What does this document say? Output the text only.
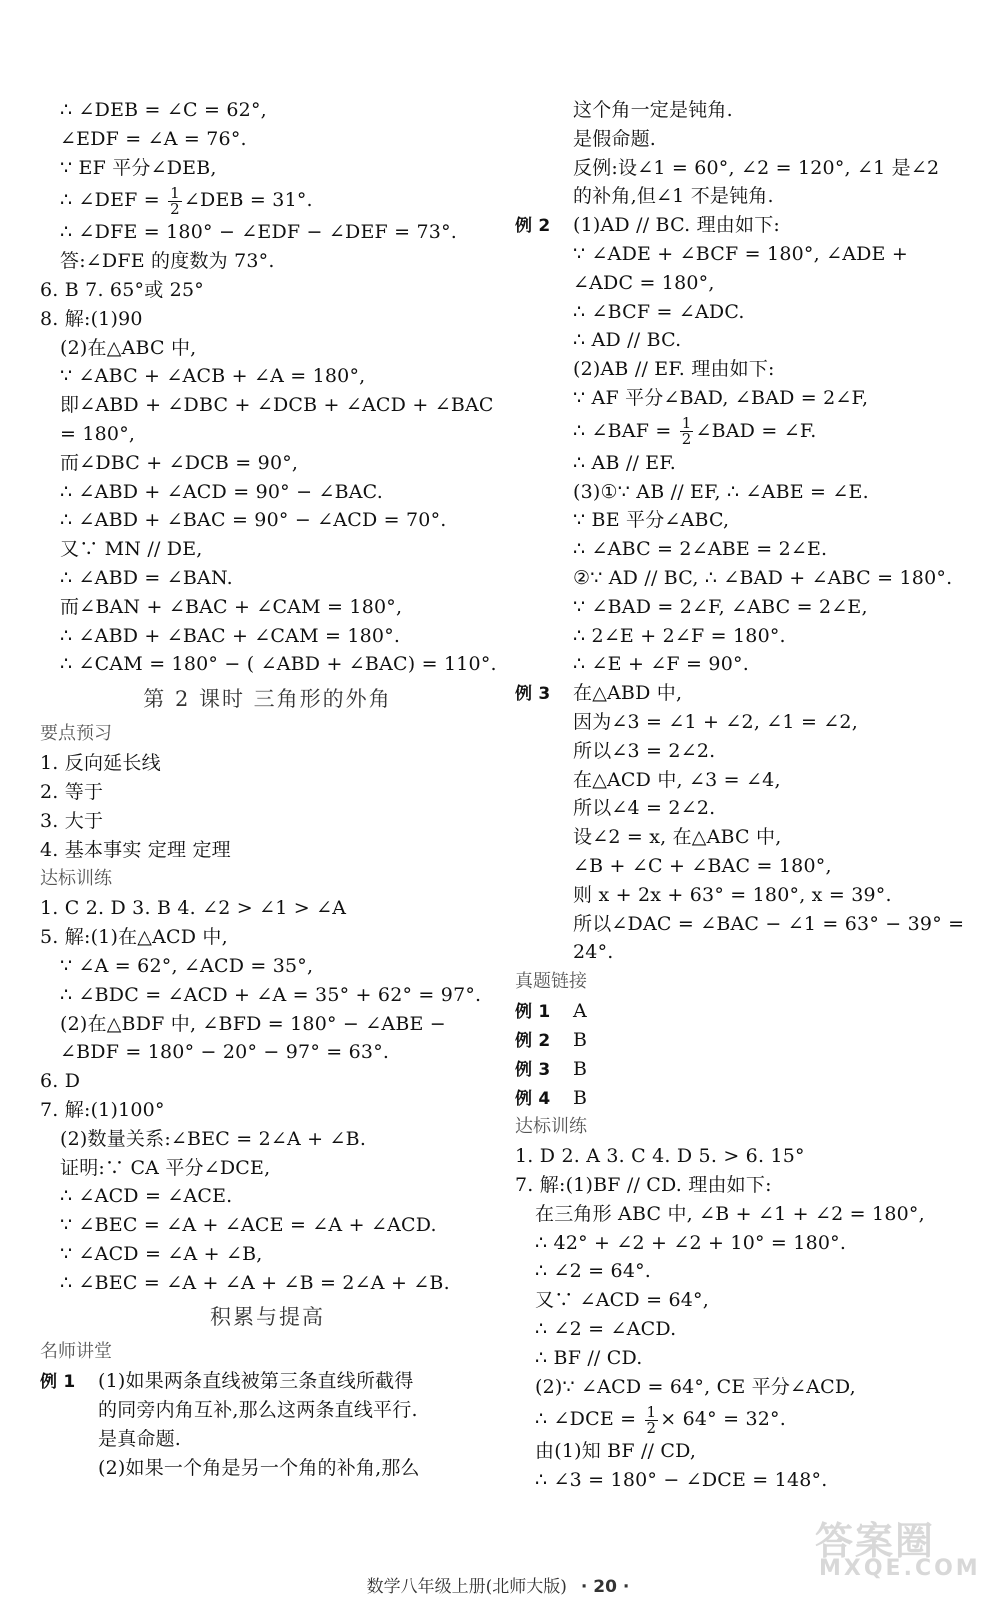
∴ ∠DEB = ∠C = 62°,
∠EDF = ∠A = 76°.
∵ EF 平分∠DEB,
∴ ∠DEF = $\frac{1}{2}$ ∠DEB = 31°.
∴ ∠DFE = 180° − ∠EDF − ∠DEF = 73°.
答:∠DFE 的度数为 73°.
6. B 7. 65°或 25°
8. 解:(1)90
(2)在△ABC 中,
∵ ∠ABC + ∠ACB + ∠A = 180°,
即∠ABD + ∠DBC + ∠DCB + ∠ACD + ∠BAC
= 180°,
而∠DBC + ∠DCB = 90°,
∴ ∠ABD + ∠ACD = 90° − ∠BAC.
∴ ∠ABD + ∠BAC = 90° − ∠ACD = 70°.
又∵ MN // DE,
∴ ∠ABD = ∠BAN.
而∠BAN + ∠BAC + ∠CAM = 180°,
∴ ∠ABD + ∠BAC + ∠CAM = 180°.
∴ ∠CAM = 180° − ( ∠ABD + ∠BAC) = 110°.
第 2 课时 三角形的外角
要点预习
1. 反向延长线
2. 等于
3. 大于
4. 基本事实 定理 定理
达标训练
1. C 2. D 3. B 4. ∠2 > ∠1 > ∠A
5. 解:(1)在△ACD 中,
∵ ∠A = 62°, ∠ACD = 35°,
∴ ∠BDC = ∠ACD + ∠A = 35° + 62° = 97°.
(2)在△BDF 中, ∠BFD = 180° − ∠ABE −
∠BDF = 180° − 20° − 97° = 63°.
6. D
7. 解:(1)100°
(2)数量关系:∠BEC = 2∠A + ∠B.
证明:∵ CA 平分∠DCE,
∴ ∠ACD = ∠ACE.
∵ ∠BEC = ∠A + ∠ACE = ∠A + ∠ACD.
∵ ∠ACD = ∠A + ∠B,
∴ ∠BEC = ∠A + ∠A + ∠B = 2∠A + ∠B.
积累与提高
名师讲堂
例 1 (1)如果两条直线被第三条直线所截得
的同旁内角互补,那么这两条直线平行.
是真命题.
(2)如果一个角是另一个角的补角,那么
这个角一定是钝角.
是假命题.
反例:设∠1 = 60°, ∠2 = 120°, ∠1 是∠2
的补角,但∠1 不是钝角.
例 2 (1)AD // BC. 理由如下:
∵ ∠ADE + ∠BCF = 180°, ∠ADE +
∠ADC = 180°,
∴ ∠BCF = ∠ADC.
∴ AD // BC.
(2)AB // EF. 理由如下:
∵ AF 平分∠BAD, ∠BAD = 2∠F,
∴ ∠BAF = $\frac{1}{2}$ ∠BAD = ∠F.
∴ AB // EF.
(3)①∵ AB // EF, ∴ ∠ABE = ∠E.
∵ BE 平分∠ABC,
∴ ∠ABC = 2∠ABE = 2∠E.
②∵ AD // BC, ∴ ∠BAD + ∠ABC = 180°.
∵ ∠BAD = 2∠F, ∠ABC = 2∠E,
∴ 2∠E + 2∠F = 180°.
∴ ∠E + ∠F = 90°.
例 3 在△ABD 中,
因为∠3 = ∠1 + ∠2, ∠1 = ∠2,
所以∠3 = 2∠2.
在△ACD 中, ∠3 = ∠4,
所以∠4 = 2∠2.
设∠2 = x, 在△ABC 中,
∠B + ∠C + ∠BAC = 180°,
则 x + 2x + 63° = 180°, x = 39°.
所以∠DAC = ∠BAC − ∠1 = 63° − 39° =
24°.
真题链接
例 1 A
例 2 B
例 3 B
例 4 B
达标训练
1. D 2. A 3. C 4. D 5. > 6. 15°
7. 解:(1)BF // CD. 理由如下:
在三角形 ABC 中, ∠B + ∠1 + ∠2 = 180°,
∴ 42° + ∠2 + ∠2 + 10° = 180°.
∴ ∠2 = 64°.
又∵ ∠ACD = 64°,
∴ ∠2 = ∠ACD.
∴ BF // CD.
(2)∵ ∠ACD = 64°, CE 平分∠ACD,
∴ ∠DCE = $\frac{1}{2} \times 64^\circ = 32^\circ$.
由(1)知 BF // CD,
∴ ∠3 = 180° − ∠DCE = 148°.
数学八年级上册(北师大版) · 20 ·
答案圈
MXQE.COM
